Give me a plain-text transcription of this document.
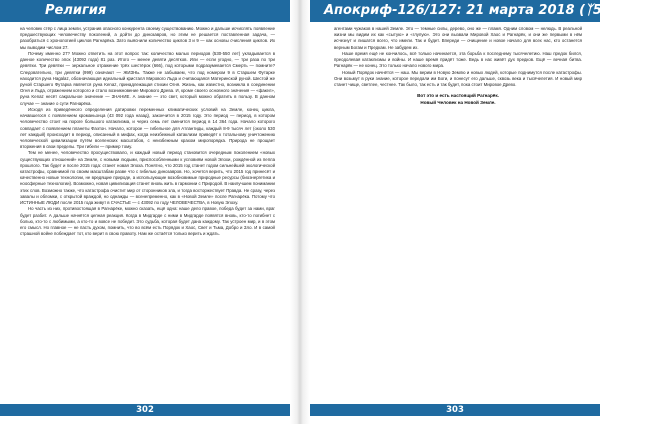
Религия

на человек стёр с лица земли, устранив опасного конкурента своему существованию. Можно и дальше исчислять появление предшествующих человечеству поколений, а дойти до динозавров, но этим не решается поставленная задача, — разобраться с хронологией циклов Рагнарёка. Зато выяснили количество циклов 3 и 9 — как основы счисления циклов. Их мы выводим числом 27.

Почему именно 27? Можно ответить на этот вопрос так: количество малых периодов (530-550 лет) укладывается в данное количество эпох (43092 года) 81 раз. Итого — менее девяти десятков. Или — если угодно, — три раза по три девятки. Три девятки — зеркальное отражение трёх шестёрок (666), под которыми подразумевается Смерть — помните? Следовательно, три девятки (999) означают — ЖИЗНЬ. Также не забываем, что под номером 9 в Старшем Футарке находится руна Hagalaz, обозначающая идеальный кристалл Мирового Льда и считающаяся Материнской руной. Шестой же руной Старшего Футарка является руна Kenaz, принадлежащая стихии Огня. Жизнь, как известно, возникла в соединении Огня и Льда, отражением которого и стало возникновение Мирового Древа. И, кроме своего основного значения — «факел», руна Kenaz несёт сакральное значение — ЗНАНИЕ. А знание — это свет, который можно обратить в пользу. В данном случае — знание о сути Рагнарёка.

Исходя из приведённого определения датировки переменных климатических условий на Земле, конец цикла, начавшегося с появлением кроманьонца (43 092 года назад), закончится в 2015 году. Это период — период, в котором человечество стоит на пороге большого катаклизма, и через семь лет сменится период в 14 364 года. Начало которого совпадает с появлением планеты Фаэтон. Начало, которое — гибельное для Атлантиды, каждый 8-9 тысяч лет (около 530 лет каждый) происходит в период, описанный в мифах, когда неизбежный катаклизм приведёт к тотальному уничтожению человеческой цивилизации путём вселенских масштабов, с неизбежным крахом миропорядка. Природа не прощает вторжения в свои пределы. Три гибели — пример тому.

Тем не менее, человечество просуществовало, и каждый новый период становится очередным поколением «новых существующих отношений» на Земле, с новыми людьми, приспособленными к условиям новой Эпохи, рождённой из пепла прошлого. Так будет и после 2015 года: станет новая Эпоха. Понятно, что 2015 год станет годом сильнейшей экологической катастрофы, сравнимой по своим масштабам разве что с гибелью динозавров. Но, хочется верить, что 2015 год принесёт и качественно новые технологии, не вредящие природе, а использующие возобновимые природные ресурсы (биоэнергетика и ноосферные технологии). Возможно, новая цивилизация станет вновь жить в гармонии с Природой. В наилучшем понимании этих слов. Возможно также, что катастрофа очистит мир от сторонников зла, и тогда восторжествует Правда. Не сразу, через завалы и обломки, с открытой враждой, но однажды — всенепременно, как в «Новой Земле» после Рагнарёка. Потому что ИСТИННЫЕ ЛЮДИ после 2015 года живут в СЧАСТЬЕ — с 43092 по году ЧЕЛОВЕЧЕСТВА, в Новую Эпоху.

Но часть из них, противостоящая в Рагнарёке, можно сказать, ещё одна: наше дело правое, победа будет за нами, враг будет разбит. А дальше начнётся цепная реакция. Когда в Мидгарде с ними в Мидгарде появятся вновь, кто-то погибнет с болью, кто-то с любимыми, а кто-то и вовсе не победит. Это судьба, которая будет дана каждому. Так устроен мир, и в этом его смысл. Но главное — не пасть духом, помнить, что во всём есть Порядок и Хаос, Свет и Тьма, Добро и Зло. И в самой страшной войне побеждает тот, кто верит в свою правоту. Нам же остаётся только верить и ждать.

302
Апокриф-126/127: 21 марта 2018 (ᛉ5.4 е.л.)

агентами чужаков в нашей Земле. Это — темные силы, дерево, оно же — пламя. Одним словом — нелюдь. В реальной жизни мы видим их как «сытую» и «глупую». Это они вызвали Мировой Хаос и Рагнарёк, и они же первыми в нём исчезнут и лишатся всего, что имели. Так и будет. Впереди — очищение и новое начало для всех нас, кто останется верным Богам и Предкам. Не забудем их.

Наше время ещё не кончилось, всё только начинается, эта борьба к последнему тысячелетию. Наш предок бился, преодолевая катаклизмы и войны. И наше время придёт тоже. Ведь в нас живёт дух предков. Ещё — вечная битва. Рагнарёк — не конец. Это только начало нового мира.

Новый Порядок начнётся — наш. Мы верим в Новую Землю и новых людей, которые поднимутся после катастрофы. Они возьмут в руки знание, которое передали им Боги, и понесут его дальше, сквозь века и тысячелетия. И новый мир станет чище, светлее, честнее. Так было, так есть и так будет, пока стоит Мировое Древо.

Вот это и есть настоящий Рагнарёк.
Новый Человек на Новой Земле.
303
